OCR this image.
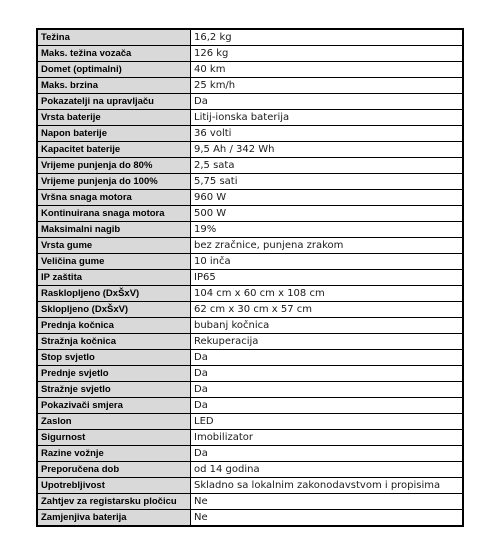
Težina	16,2 kg
Maks. težina vozača	126 kg
Domet (optimalni)	40 km
Maks. brzina	25 km/h
Pokazatelji na upravljaču	Da
Vrsta baterije	Litij-ionska baterija
Napon baterije	36 volti
Kapacitet baterije	9,5 Ah / 342 Wh
Vrijeme punjenja do 80%	2,5 sata
Vrijeme punjenja do 100%	5,75 sati
Vršna snaga motora	960 W
Kontinuirana snaga motora	500 W
Maksimalni nagib	19%
Vrsta gume	bez zračnice, punjena zrakom
Veličina gume	10 inča
IP zaštita	IP65
Rasklopljeno (DxŠxV)	104 cm x 60 cm x 108 cm
Sklopljeno (DxŠxV)	62 cm x 30 cm x 57 cm
Prednja kočnica	bubanj kočnica
Stražnja kočnica	Rekuperacija
Stop svjetlo	Da
Prednje svjetlo	Da
Stražnje svjetlo	Da
Pokazivači smjera	Da
Zaslon	LED
Sigurnost	Imobilizator
Razine vožnje	Da
Preporučena dob	od 14 godina
Upotrebljivost	Skladno sa lokalnim zakonodavstvom i propisima
Zahtjev za registarsku pločicu	Ne
Zamjenjiva baterija	Ne
